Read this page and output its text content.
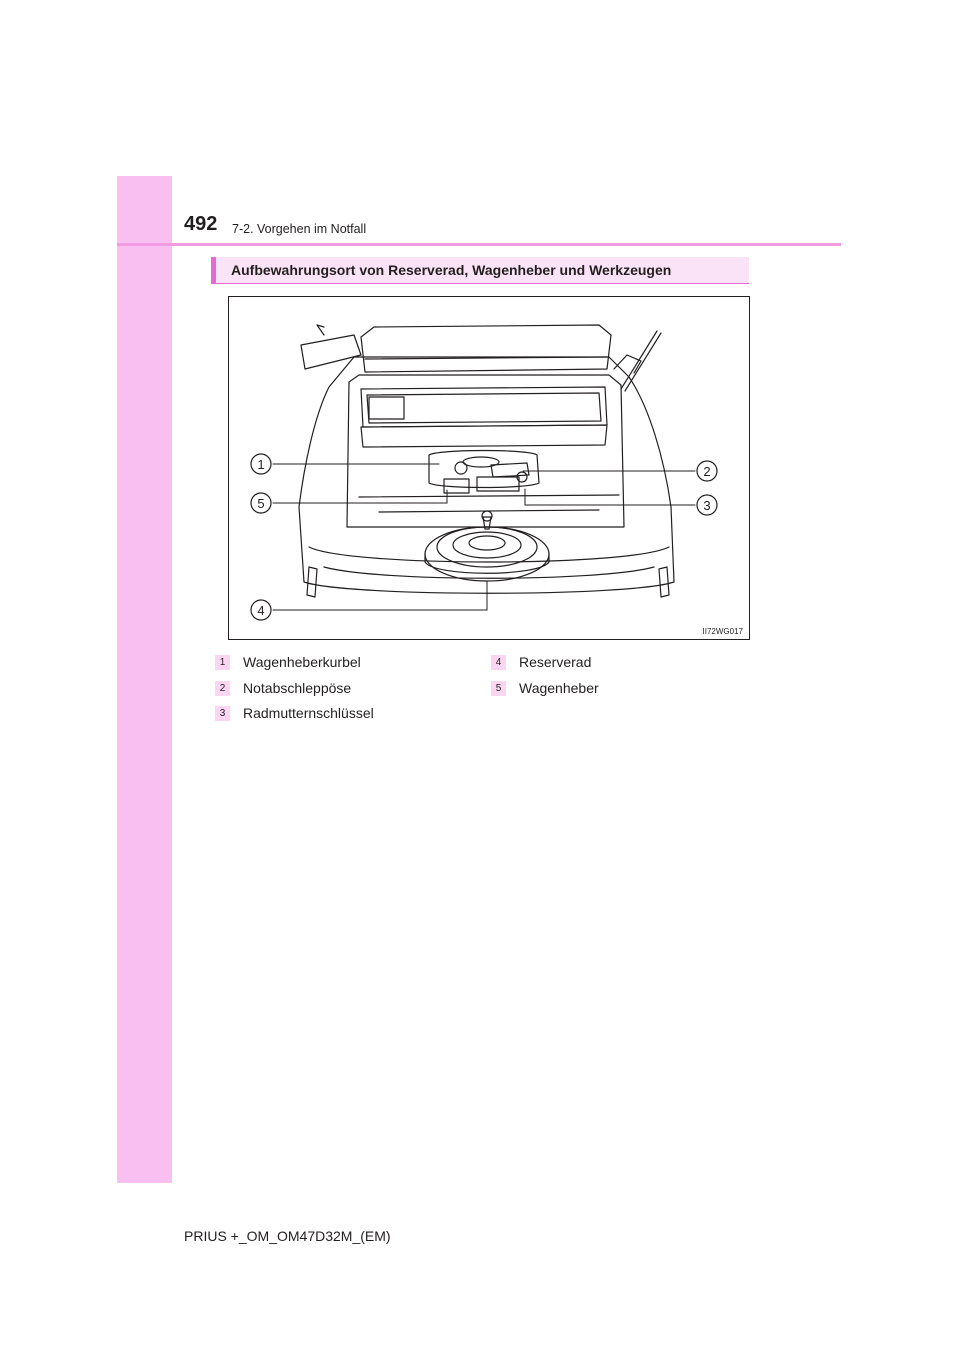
492 7-2. Vorgehen im Notfall
Aufbewahrungsort von Reserverad, Wagenheber und Werkzeugen
1	2
5	3
4
II72WG017
1	Wagenheberkurbel
2	Notabschleppöse
3	Radmutternschlüssel
4	Reserverad
5	Wagenheber
PRIUS +_OM_OM47D32M_(EM)
